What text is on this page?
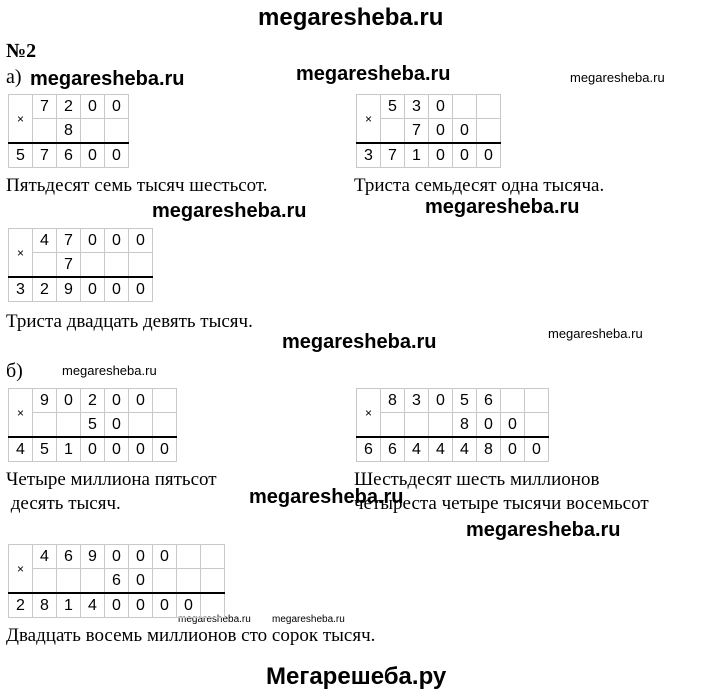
megaresheba.ru
megaresheba.ru	megaresheba.ru	megaresheba.ru
megaresheba.ru	megaresheba.ru
megaresheba.ru
megaresheba.ru
megaresheba.ru
megaresheba.ru
megaresheba.ru
megaresheba.ru megaresheba.ru
Мегарешеба.ру
№2
а)
б)
×	7	2	0	0
		8		
5	7	6	0	0
Пятьдесят семь тысяч шестьсот.
×	5	3	0		
		7	0	0	
3	7	1	0	0	0
Триста семьдесят одна тысяча.
×	4	7	0	0	0
		7			
3	2	9	0	0	0
Триста двадцать девять тысяч.
×	9	0	2	0	0	
			5	0		
4	5	1	0	0	0	0
Четыре миллиона пятьсот
десять тысяч.
×	8	3	0	5	6		
				8	0	0	
6	6	4	4	4	8	0	0
Шестьдесят шесть миллионов
четыреста четыре тысячи восемьсот
×	4	6	9	0	0	0		
				6	0			
2	8	1	4	0	0	0	0	
Двадцать восемь миллионов сто сорок тысяч.
